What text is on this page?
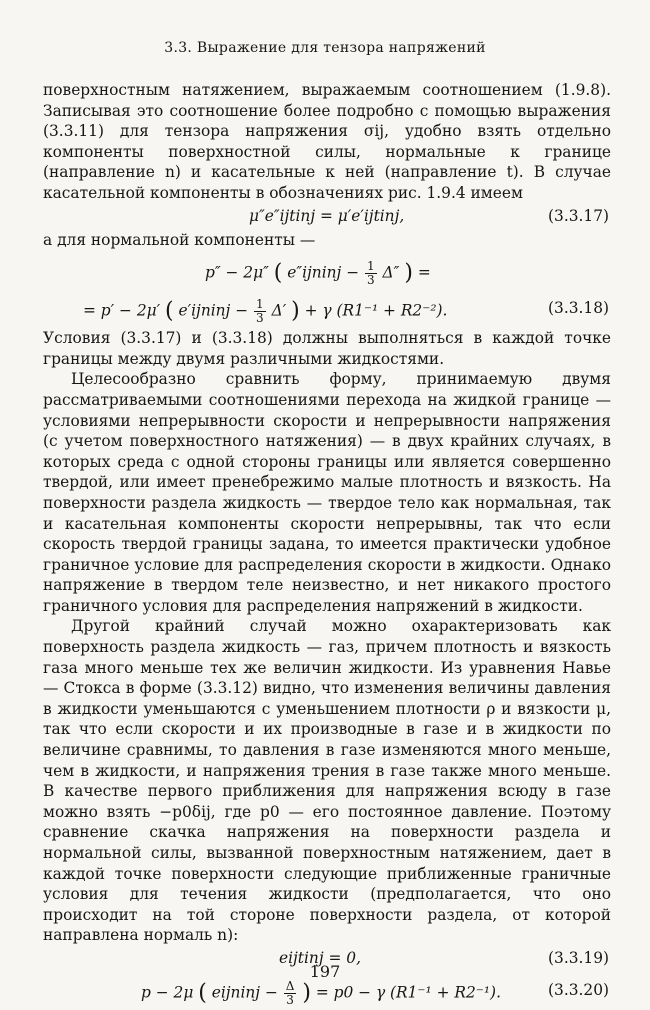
3.3. Выражение для тензора напряжений

поверхностным натяжением, выражаемым соотношением (1.9.8). Записывая это соотношение более подробно с помощью выражения (3.3.11) для тензора напряжения σij, удобно взять отдельно компоненты поверхностной силы, нормальные к границе (направление n) и касательные к ней (направление t). В случае касательной компоненты в обозначениях рис. 1.9.4 имеем

μ″e″ijtinj = μ′e′ijtinj,	(3.3.17)

а для нормальной компоненты —

p″ − 2μ″ ( e″ijninj − $\frac{1}{3} \Delta''$ ) =
= p′ − 2μ′ ( e′ijninj − $\frac{1}{3} \Delta'$ ) + γ (R1⁻¹ + R2⁻²).	(3.3.18)

Условия (3.3.17) и (3.3.18) должны выполняться в каждой точке границы между двумя различными жидкостями.

Целесообразно сравнить форму, принимаемую двумя рассматриваемыми соотношениями перехода на жидкой границе — условиями непрерывности скорости и непрерывности напряжения (с учетом поверхностного натяжения) — в двух крайних случаях, в которых среда с одной стороны границы или является совершенно твердой, или имеет пренебрежимо малые плотность и вязкость. На поверхности раздела жидкость — твердое тело как нормальная, так и касательная компоненты скорости непрерывны, так что если скорость твердой границы задана, то имеется практически удобное граничное условие для распределения скорости в жидкости. Однако напряжение в твердом теле неизвестно, и нет никакого простого граничного условия для распределения напряжений в жидкости.

Другой крайний случай можно охарактеризовать как поверхность раздела жидкость — газ, причем плотность и вязкость газа много меньше тех же величин жидкости. Из уравнения Навье — Стокса в форме (3.3.12) видно, что изменения величины давления в жидкости уменьшаются с уменьшением плотности ρ и вязкости μ, так что если скорости и их производные в газе и в жидкости по величине сравнимы, то давления в газе изменяются много меньше, чем в жидкости, и напряжения трения в газе также много меньше. В качестве первого приближения для напряжения всюду в газе можно взять −p0δij, где p0 — его постоянное давление. Поэтому сравнение скачка напряжения на поверхности раздела и нормальной силы, вызванной поверхностным натяжением, дает в каждой точке поверхности следующие приближенные граничные условия для течения жидкости (предполагается, что оно происходит на той стороне поверхности раздела, от которой направлена нормаль n):

eijtinj = 0,	(3.3.19)
p − 2μ ( eijninj − $\frac{\Delta}{3}$ ) = p0 − γ (R1⁻¹ + R2⁻¹).	(3.3.20)
197
